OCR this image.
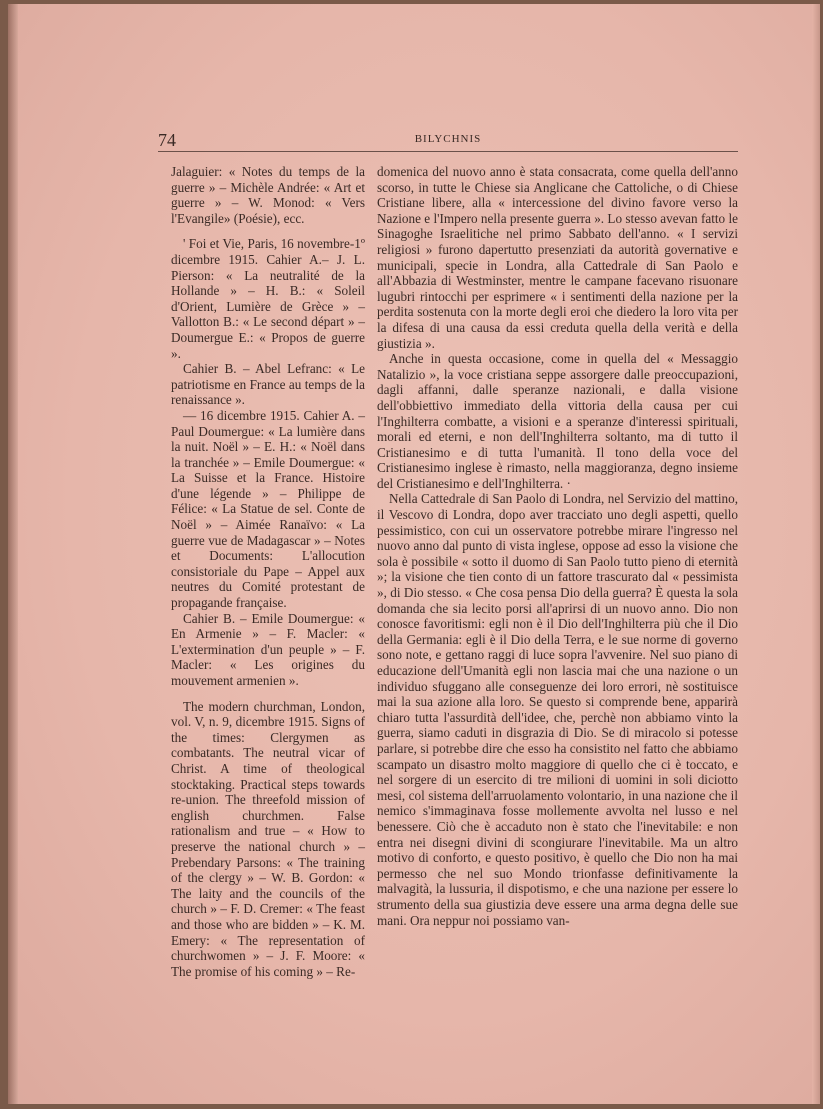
74	BILYCHNIS

Jalaguier: « Notes du temps de la guerre » – Michèle Andrée: « Art et guerre » – W. Monod: « Vers l'Evangile» (Poésie), ecc.

' Foi et Vie, Paris, 16 novembre-1º dicembre 1915. Cahier A.– J. L. Pierson: « La neutralité de la Hollande » – H. B.: « Soleil d'Orient, Lumière de Grèce » – Vallotton B.: « Le second départ » – Doumergue E.: « Propos de guerre ».

Cahier B. – Abel Lefranc: « Le patriotisme en France au temps de la renaissance ».

— 16 dicembre 1915. Cahier A. – Paul Doumergue: « La lumière dans la nuit. Noël » – E. H.: « Noël dans la tranchée » – Emile Doumergue: « La Suisse et la France. Histoire d'une légende » – Philippe de Félice: « La Statue de sel. Conte de Noël » – Aimée Ranaïvo: « La guerre vue de Madagascar » – Notes et Documents: L'allocution consistoriale du Pape – Appel aux neutres du Comité protestant de propagande française.

Cahier B. – Emile Doumergue: « En Armenie » – F. Macler: « L'extermination d'un peuple » – F. Macler: « Les origines du mouvement armenien ».

The modern churchman, London, vol. V, n. 9, dicembre 1915. Signs of the times: Clergymen as combatants. The neutral vicar of Christ. A time of theological stocktaking. Practical steps towards re-union. The threefold mission of english churchmen. False rationalism and true – « How to preserve the national church » – Prebendary Parsons: « The training of the clergy » – W. B. Gordon: « The laity and the councils of the church » – F. D. Cremer: « The feast and those who are bidden » – K. M. Emery: « The representation of churchwomen » – J. F. Moore: « The promise of his coming » – Re-

domenica del nuovo anno è stata consacrata, come quella dell'anno scorso, in tutte le Chiese sia Anglicane che Cattoliche, o di Chiese Cristiane libere, alla « intercessione del divino favore verso la Nazione e l'Impero nella presente guerra ». Lo stesso avevan fatto le Sinagoghe Israelitiche nel primo Sabbato dell'anno. « I servizi religiosi » furono dapertutto presenziati da autorità governative e municipali, specie in Londra, alla Cattedrale di San Paolo e all'Abbazia di Westminster, mentre le campane facevano risuonare lugubri rintocchi per esprimere « i sentimenti della nazione per la perdita sostenuta con la morte degli eroi che diedero la loro vita per la difesa di una causa da essi creduta quella della verità e della giustizia ».

Anche in questa occasione, come in quella del « Messaggio Natalizio », la voce cristiana seppe assorgere dalle preoccupazioni, dagli affanni, dalle speranze nazionali, e dalla visione dell'obbiettivo immediato della vittoria della causa per cui l'Inghilterra combatte, a visioni e a speranze d'interessi spirituali, morali ed eterni, e non dell'Inghilterra soltanto, ma di tutto il Cristianesimo e di tutta l'umanità. Il tono della voce del Cristianesimo inglese è rimasto, nella maggioranza, degno insieme del Cristianesimo e dell'Inghilterra. ·

Nella Cattedrale di San Paolo di Londra, nel Servizio del mattino, il Vescovo di Londra, dopo aver tracciato uno degli aspetti, quello pessimistico, con cui un osservatore potrebbe mirare l'ingresso nel nuovo anno dal punto di vista inglese, oppose ad esso la visione che sola è possibile « sotto il duomo di San Paolo tutto pieno di eternità »; la visione che tien conto di un fattore trascurato dal « pessimista », di Dio stesso. « Che cosa pensa Dio della guerra? È questa la sola domanda che sia lecito porsi all'aprirsi di un nuovo anno. Dio non conosce favoritismi: egli non è il Dio dell'Inghilterra più che il Dio della Germania: egli è il Dio della Terra, e le sue norme di governo sono note, e gettano raggi di luce sopra l'avvenire. Nel suo piano di educazione dell'Umanità egli non lascia mai che una nazione o un individuo sfuggano alle conseguenze dei loro errori, nè sostituisce mai la sua azione alla loro. Se questo si comprende bene, apparirà chiaro tutta l'assurdità dell'idee, che, perchè non abbiamo vinto la guerra, siamo caduti in disgrazia di Dio. Se di miracolo si potesse parlare, si potrebbe dire che esso ha consistito nel fatto che abbiamo scampato un disastro molto maggiore di quello che ci è toccato, e nel sorgere di un esercito di tre milioni di uomini in soli diciotto mesi, col sistema dell'arruolamento volontario, in una nazione che il nemico s'immaginava fosse mollemente avvolta nel lusso e nel benessere. Ciò che è accaduto non è stato che l'inevitabile: e non entra nei disegni divini di scongiurare l'inevitabile. Ma un altro motivo di conforto, e questo positivo, è quello che Dio non ha mai permesso che nel suo Mondo trionfasse definitivamente la malvagità, la lussuria, il dispotismo, e che una nazione per essere lo strumento della sua giustizia deve essere una arma degna delle sue mani. Ora neppur noi possiamo van-
